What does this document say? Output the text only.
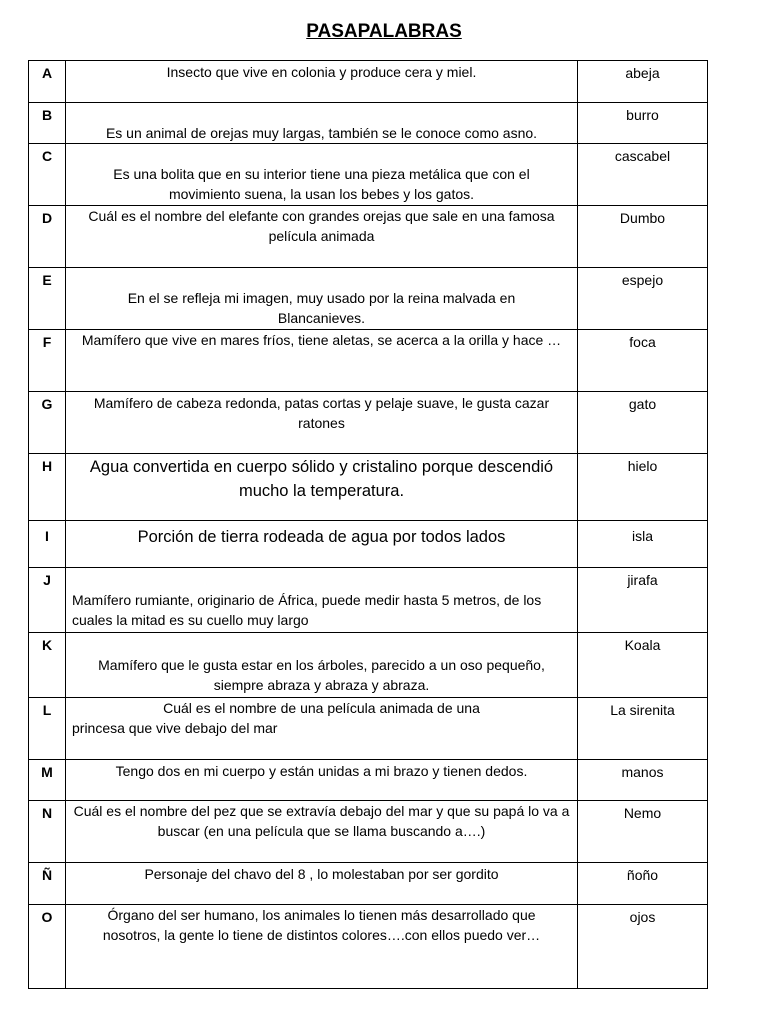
PASAPALABRAS
A	Insecto que vive en colonia y produce cera y miel.	abeja

B	Es un animal de orejas muy largas, también se le conoce como asno.	burro

C	Es una bolita que en su interior tiene una pieza metálica que con el movimiento suena, la usan los bebes y los gatos.	cascabel

D	Cuál es el nombre del elefante con grandes orejas que sale en una famosa película animada	Dumbo

E	En el se refleja mi imagen, muy usado por la reina malvada en Blancanieves.	espejo

F	Mamífero que vive en mares fríos, tiene aletas, se acerca a la orilla y hace …	foca

G	Mamífero de cabeza redonda, patas cortas y pelaje suave, le gusta cazar ratones	gato

H	Agua convertida en cuerpo sólido y cristalino porque descendió mucho la temperatura.	hielo

I	Porción de tierra rodeada de agua por todos lados	isla

J	Mamífero rumiante, originario de África, puede medir hasta 5 metros, de los cuales la mitad es su cuello muy largo	jirafa

K	Mamífero que le gusta estar en los árboles, parecido a un oso pequeño, siempre abraza y abraza y abraza.	Koala

L	Cuál es el nombre de una película animada de una
princesa que vive debajo del mar	La sirenita

M	Tengo dos en mi cuerpo y están unidas a mi brazo y tienen dedos.	manos

N	Cuál es el nombre del pez que se extravía debajo del mar y que su papá lo va a buscar (en una película que se llama buscando a….)	Nemo

Ñ	Personaje del chavo del 8 , lo molestaban por ser gordito	ñoño

O	Órgano del ser humano, los animales lo tienen más desarrollado que nosotros, la gente lo tiene de distintos colores….con ellos puedo ver…	ojos
